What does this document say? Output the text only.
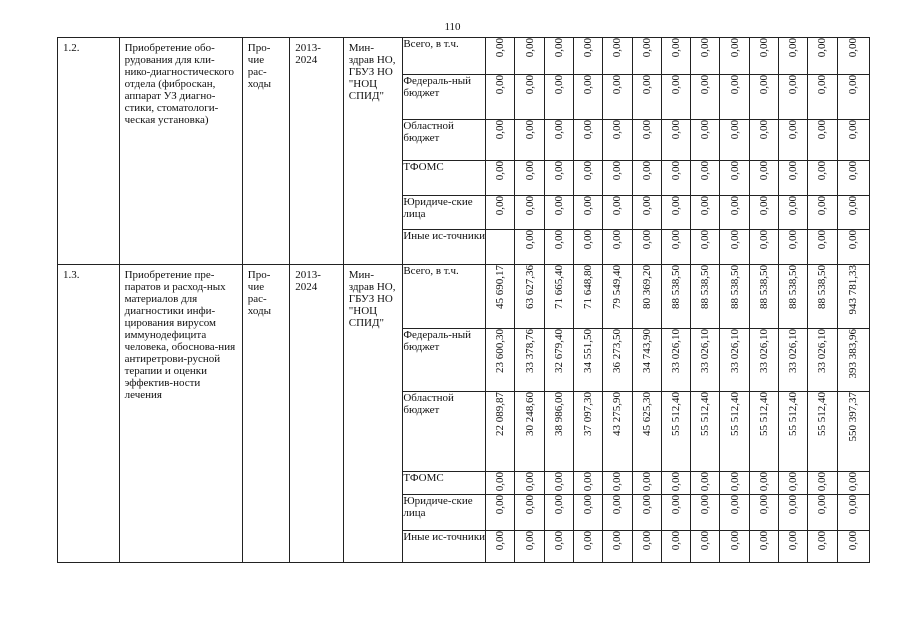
110
1.2.	Приобретение обо-рудования для кли-нико-диагностического отдела (фиброскан, аппарат УЗ диагно-стики, стоматологи-ческая установка)	Про-чие рас-ходы	2013-2024	Мин-здрав НО, ГБУЗ НО "НОЦ СПИД"	Всего, в т.ч.	0,00	0,00	0,00	0,00	0,00	0,00	0,00	0,00	0,00	0,00	0,00	0,00	0,00
					Федераль-ный бюджет	0,00	0,00	0,00	0,00	0,00	0,00	0,00	0,00	0,00	0,00	0,00	0,00	0,00
					Областной бюджет	0,00	0,00	0,00	0,00	0,00	0,00	0,00	0,00	0,00	0,00	0,00	0,00	0,00
					ТФОМС	0,00	0,00	0,00	0,00	0,00	0,00	0,00	0,00	0,00	0,00	0,00	0,00	0,00
					Юридиче-ские лица	0,00	0,00	0,00	0,00	0,00	0,00	0,00	0,00	0,00	0,00	0,00	0,00	0,00
					Иные ис-точники		0,00	0,00	0,00	0,00	0,00	0,00	0,00	0,00	0,00	0,00	0,00	0,00

1.3.	Приобретение пре-паратов и расход-ных материалов для диагностики инфи-цирования вирусом иммунодефицита человека, обоснова-ния антиретрови-русной терапии и оценки эффектив-ности лечения	Про-чие рас-ходы	2013-2024	Мин-здрав НО, ГБУЗ НО "НОЦ СПИД"	Всего, в т.ч.	45 690,17	63 627,36	71 665,40	71 648,80	79 549,40	80 369,20	88 538,50	88 538,50	88 538,50	88 538,50	88 538,50	88 538,50	943 781,33
					Федераль-ный бюджет	23 600,30	33 378,76	32 679,40	34 551,50	36 273,50	34 743,90	33 026,10	33 026,10	33 026,10	33 026,10	33 026,10	33 026,10	393 383,96
					Областной бюджет	22 089,87	30 248,60	38 986,00	37 097,30	43 275,90	45 625,30	55 512,40	55 512,40	55 512,40	55 512,40	55 512,40	55 512,40	550 397,37
					ТФОМС	0,00	0,00	0,00	0,00	0,00	0,00	0,00	0,00	0,00	0,00	0,00	0,00	0,00
					Юридиче-ские лица	0,00	0,00	0,00	0,00	0,00	0,00	0,00	0,00	0,00	0,00	0,00	0,00	0,00
					Иные ис-точники	0,00	0,00	0,00	0,00	0,00	0,00	0,00	0,00	0,00	0,00	0,00	0,00	0,00
